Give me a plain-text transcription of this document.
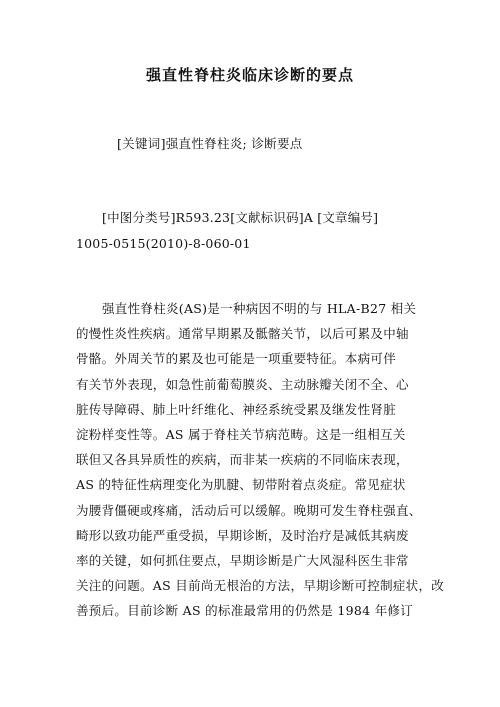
强直性脊柱炎临床诊断的要点
[关键词]强直性脊柱炎; 诊断要点
[中图分类号]R593.23[文献标识码]A [文章编号]
1005-0515(2010)-8-060-01
强直性脊柱炎(AS)是一种病因不明的与 HLA-B27 相关
的慢性炎性疾病。通常早期累及骶髂关节，以后可累及中轴
骨骼。外周关节的累及也可能是一项重要特征。本病可伴
有关节外表现，如急性前葡萄膜炎、主动脉瓣关闭不全、心
脏传导障碍、肺上叶纤维化、神经系统受累及继发性肾脏
淀粉样变性等。AS 属于脊柱关节病范畴。这是一组相互关
联但又各具异质性的疾病，而非某一疾病的不同临床表现，
AS 的特征性病理变化为肌腱、韧带附着点炎症。常见症状
为腰背僵硬或疼痛，活动后可以缓解。晚期可发生脊柱强直、
畸形以致功能严重受损，早期诊断，及时治疗是减低其病废
率的关键，如何抓住要点，早期诊断是广大风湿科医生非常
关注的问题。AS 目前尚无根治的方法，早期诊断可控制症状，改
善预后。目前诊断 AS 的标准最常用的仍然是 1984 年修订
